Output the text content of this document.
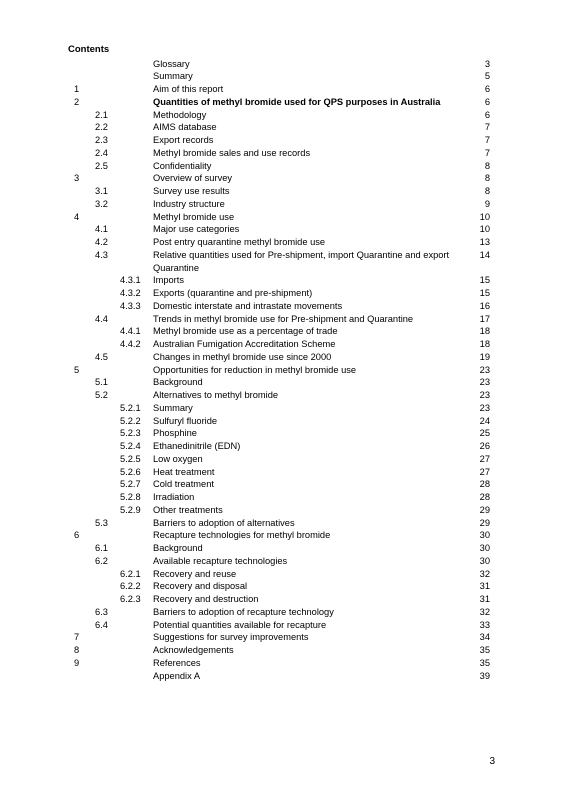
Contents
Glossary	3
Summary	5
1	Aim of this report	6
2	Quantities of methyl bromide used for QPS purposes in Australia	6
2.1	Methodology	6
2.2	AIMS database	7
2.3	Export records	7
2.4	Methyl bromide sales and use records	7
2.5	Confidentiality	8
3	Overview of survey	8
3.1	Survey use results	8
3.2	Industry structure	9
4	Methyl bromide use	10
4.1	Major use categories	10
4.2	Post entry quarantine methyl bromide use	13
4.3	Relative quantities used for Pre-shipment, import Quarantine and export Quarantine
14
4.3.1 Imports	15
4.3.2 Exports (quarantine and pre-shipment)	15
4.3.3 Domestic interstate and intrastate movements	16
4.4	Trends in methyl bromide use for Pre-shipment and Quarantine	17
4.4.1 Methyl bromide use as a percentage of trade	18
4.4.2 Australian Fumigation Accreditation Scheme	18
4.5	Changes in methyl bromide use since 2000	19
5	Opportunities for reduction in methyl bromide use	23
5.1	Background	23
5.2	Alternatives to methyl bromide	23
5.2.1 Summary	23
5.2.2 Sulfuryl fluoride	24
5.2.3 Phosphine	25
5.2.4 Ethanedinitrile (EDN)	26
5.2.5 Low oxygen	27
5.2.6 Heat treatment	27
5.2.7 Cold treatment	28
5.2.8 Irradiation	28
5.2.9 Other treatments	29
5.3	Barriers to adoption of alternatives	29
6	Recapture technologies for methyl bromide	30
6.1	Background	30
6.2	Available recapture technologies	30
6.2.1 Recovery and reuse	32
6.2.2 Recovery and disposal	31
6.2.3 Recovery and destruction	31
6.3	Barriers to adoption of recapture technology	32
6.4	Potential quantities available for recapture	33
7	Suggestions for survey improvements	34
8	Acknowledgements	35
9	References	35
Appendix A	39
3
